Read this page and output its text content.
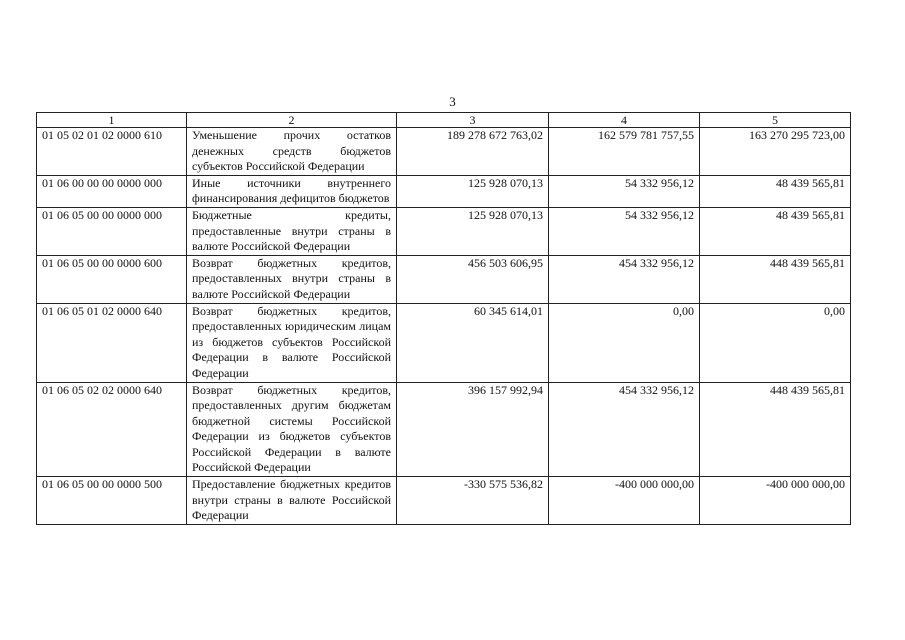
3
1	2	3	4	5
01 05 02 01 02 0000 610	Уменьшение прочих остатков денежных средств бюджетов субъектов Российской Федерации	189 278 672 763,02	162 579 781 757,55	163 270 295 723,00
01 06 00 00 00 0000 000	Иные источники внутреннего финансирования дефицитов бюджетов	125 928 070,13	54 332 956,12	48 439 565,81
01 06 05 00 00 0000 000	Бюджетные кредиты, предоставленные внутри страны в валюте Российской Федерации	125 928 070,13	54 332 956,12	48 439 565,81
01 06 05 00 00 0000 600	Возврат бюджетных кредитов, предоставленных внутри страны в валюте Российской Федерации	456 503 606,95	454 332 956,12	448 439 565,81
01 06 05 01 02 0000 640	Возврат бюджетных кредитов, предоставленных юридическим лицам из бюджетов субъектов Российской Федерации в валюте Российской Федерации	60 345 614,01	0,00	0,00
01 06 05 02 02 0000 640	Возврат бюджетных кредитов, предоставленных другим бюджетам бюджетной системы Российской Федерации из бюджетов субъектов Российской Федерации в валюте Российской Федерации	396 157 992,94	454 332 956,12	448 439 565,81
01 06 05 00 00 0000 500	Предоставление бюджетных кредитов внутри страны в валюте Российской Федерации	-330 575 536,82	-400 000 000,00	-400 000 000,00
